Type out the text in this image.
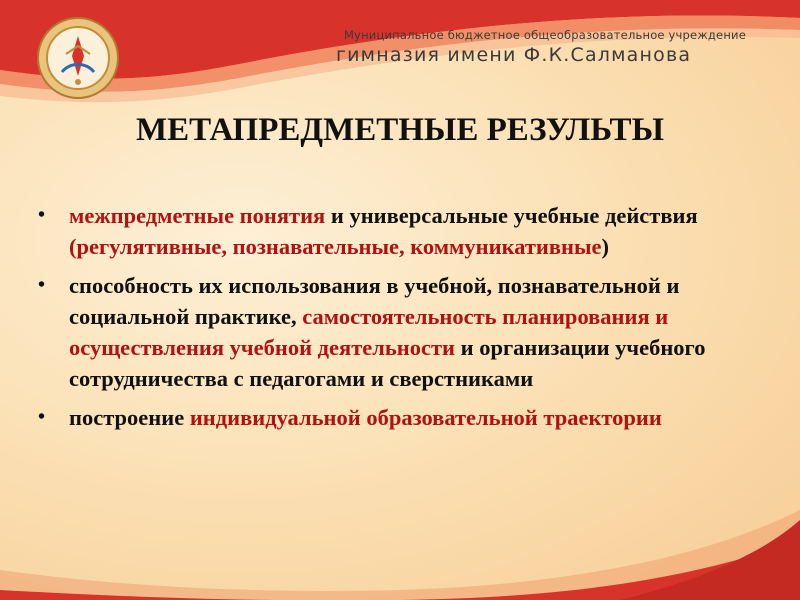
Муниципальное бюджетное общеобразовательное учреждение
гимназия имени Ф.К.Салманова
МЕТАПРЕДМЕТНЫЕ РЕЗУЛЬТЫ
• межпредметные понятия и универсальные учебные действия (регулятивные, познавательные, коммуникативные)
• способность их использования в учебной, познавательной и социальной практике, самостоятельность планирования и осуществления учебной деятельности и организации учебного сотрудничества с педагогами и сверстниками
• построение индивидуальной образовательной траектории
